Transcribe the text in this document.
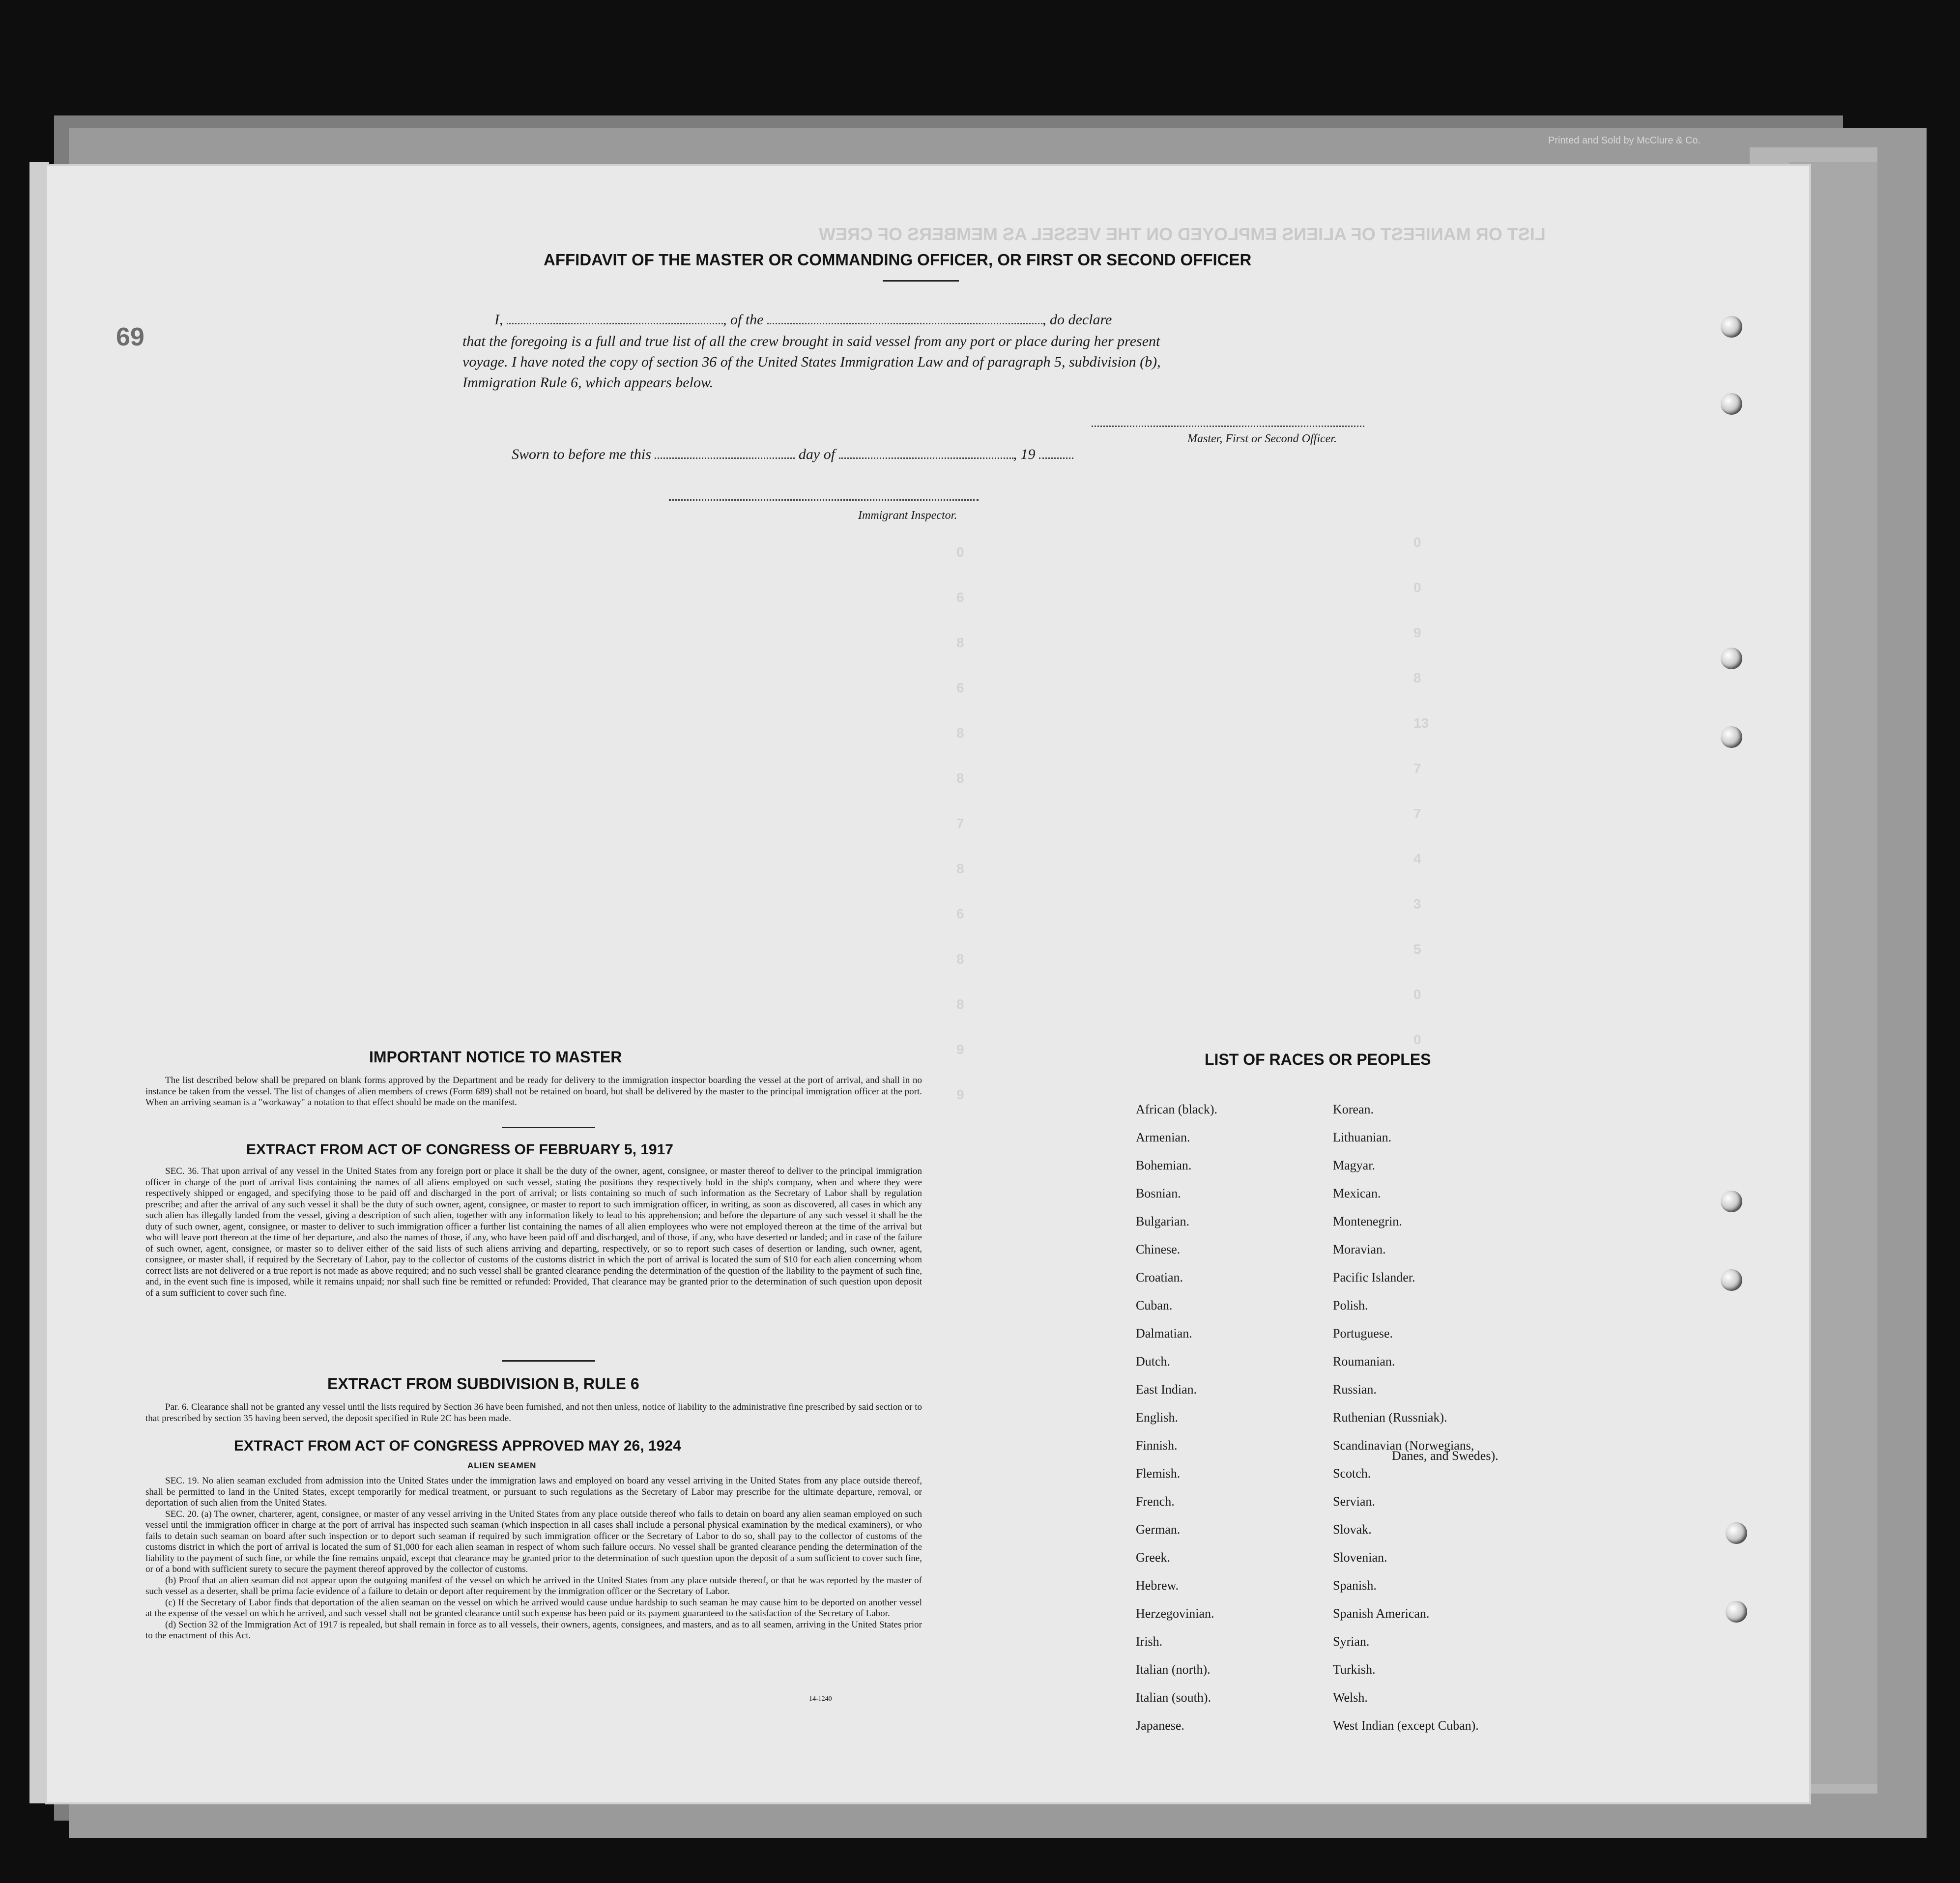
Printed and Sold by McClure & Co.
LIST OR MANIFEST OF ALIENS EMPLOYED ON THE VESSEL AS MEMBERS OF CREW
69
AFFIDAVIT OF THE MASTER OR COMMANDING OFFICER, OR FIRST OR SECOND OFFICER
I,	, of the	, do declare
that the foregoing is a full and true list of all the crew brought in said vessel from any port or place during her present
voyage. I have noted the copy of section 36 of the United States Immigration Law and of paragraph 5, subdivision (b),
Immigration Rule 6, which appears below.
Master, First or Second Officer.
Sworn to before me this	day of	, 19
Immigrant Inspector.
0
0
9
8
13
7
7
4
3
5
0
0
0
6
8
6
8
8
7
8
6
8
8
9
9
IMPORTANT NOTICE TO MASTER
The list described below shall be prepared on blank forms approved by the Department and be ready for delivery to the immigration inspector boarding the vessel at the port of arrival, and shall in no instance be taken from the vessel. The list of changes of alien members of crews (Form 689) shall not be retained on board, but shall be delivered by the master to the principal immigration officer at the port. When an arriving seaman is a "workaway" a notation to that effect should be made on the manifest.
EXTRACT FROM ACT OF CONGRESS OF FEBRUARY 5, 1917
SEC. 36. That upon arrival of any vessel in the United States from any foreign port or place it shall be the duty of the owner, agent, consignee, or master thereof to deliver to the principal immigration officer in charge of the port of arrival lists containing the names of all aliens employed on such vessel, stating the positions they respectively hold in the ship's company, when and where they were respectively shipped or engaged, and specifying those to be paid off and discharged in the port of arrival; or lists containing so much of such information as the Secretary of Labor shall by regulation prescribe; and after the arrival of any such vessel it shall be the duty of such owner, agent, consignee, or master to report to such immigration officer, in writing, as soon as discovered, all cases in which any such alien has illegally landed from the vessel, giving a description of such alien, together with any information likely to lead to his apprehension; and before the departure of any such vessel it shall be the duty of such owner, agent, consignee, or master to deliver to such immigration officer a further list containing the names of all alien employees who were not employed thereon at the time of the arrival but who will leave port thereon at the time of her departure, and also the names of those, if any, who have been paid off and discharged, and of those, if any, who have deserted or landed; and in case of the failure of such owner, agent, consignee, or master so to deliver either of the said lists of such aliens arriving and departing, respectively, or so to report such cases of desertion or landing, such owner, agent, consignee, or master shall, if required by the Secretary of Labor, pay to the collector of customs of the customs district in which the port of arrival is located the sum of $10 for each alien concerning whom correct lists are not delivered or a true report is not made as above required; and no such vessel shall be granted clearance pending the determination of the question of the liability to the payment of such fine, and, in the event such fine is imposed, while it remains unpaid; nor shall such fine be remitted or refunded: Provided, That clearance may be granted prior to the determination of such question upon deposit of a sum sufficient to cover such fine.
EXTRACT FROM SUBDIVISION B, RULE 6
Par. 6. Clearance shall not be granted any vessel until the lists required by Section 36 have been furnished, and not then unless, notice of liability to the administrative fine prescribed by said section or to that prescribed by section 35 having been served, the deposit specified in Rule 2C has been made.
EXTRACT FROM ACT OF CONGRESS APPROVED MAY 26, 1924
ALIEN SEAMEN
SEC. 19. No alien seaman excluded from admission into the United States under the immigration laws and employed on board any vessel arriving in the United States from any place outside thereof, shall be permitted to land in the United States, except temporarily for medical treatment, or pursuant to such regulations as the Secretary of Labor may prescribe for the ultimate departure, removal, or deportation of such alien from the United States.
SEC. 20. (a) The owner, charterer, agent, consignee, or master of any vessel arriving in the United States from any place outside thereof who fails to detain on board any alien seaman employed on such vessel until the immigration officer in charge at the port of arrival has inspected such seaman (which inspection in all cases shall include a personal physical examination by the medical examiners), or who fails to detain such seaman on board after such inspection or to deport such seaman if required by such immigration officer or the Secretary of Labor to do so, shall pay to the collector of customs of the customs district in which the port of arrival is located the sum of $1,000 for each alien seaman in respect of whom such failure occurs. No vessel shall be granted clearance pending the determination of the liability to the payment of such fine, or while the fine remains unpaid, except that clearance may be granted prior to the determination of such question upon the deposit of a sum sufficient to cover such fine, or of a bond with sufficient surety to secure the payment thereof approved by the collector of customs.
(b) Proof that an alien seaman did not appear upon the outgoing manifest of the vessel on which he arrived in the United States from any place outside thereof, or that he was reported by the master of such vessel as a deserter, shall be prima facie evidence of a failure to detain or deport after requirement by the immigration officer or the Secretary of Labor.
(c) If the Secretary of Labor finds that deportation of the alien seaman on the vessel on which he arrived would cause undue hardship to such seaman he may cause him to be deported on another vessel at the expense of the vessel on which he arrived, and such vessel shall not be granted clearance until such expense has been paid or its payment guaranteed to the satisfaction of the Secretary of Labor.
(d) Section 32 of the Immigration Act of 1917 is repealed, but shall remain in force as to all vessels, their owners, agents, consignees, and masters, and as to all seamen, arriving in the United States prior to the enactment of this Act.
14-1240
LIST OF RACES OR PEOPLES
Danes, and Swedes).
African (black).
Armenian.
Bohemian.
Bosnian.
Bulgarian.
Chinese.
Croatian.
Cuban.
Dalmatian.
Dutch.
East Indian.
English.
Finnish.
Flemish.
French.
German.
Greek.
Hebrew.
Herzegovinian.
Irish.
Italian (north).
Italian (south).
Japanese.
Korean.
Lithuanian.
Magyar.
Mexican.
Montenegrin.
Moravian.
Pacific Islander.
Polish.
Portuguese.
Roumanian.
Russian.
Ruthenian (Russniak).
Scandinavian (Norwegians,
Scotch.
Servian.
Slovak.
Slovenian.
Spanish.
Spanish American.
Syrian.
Turkish.
Welsh.
West Indian (except Cuban).
